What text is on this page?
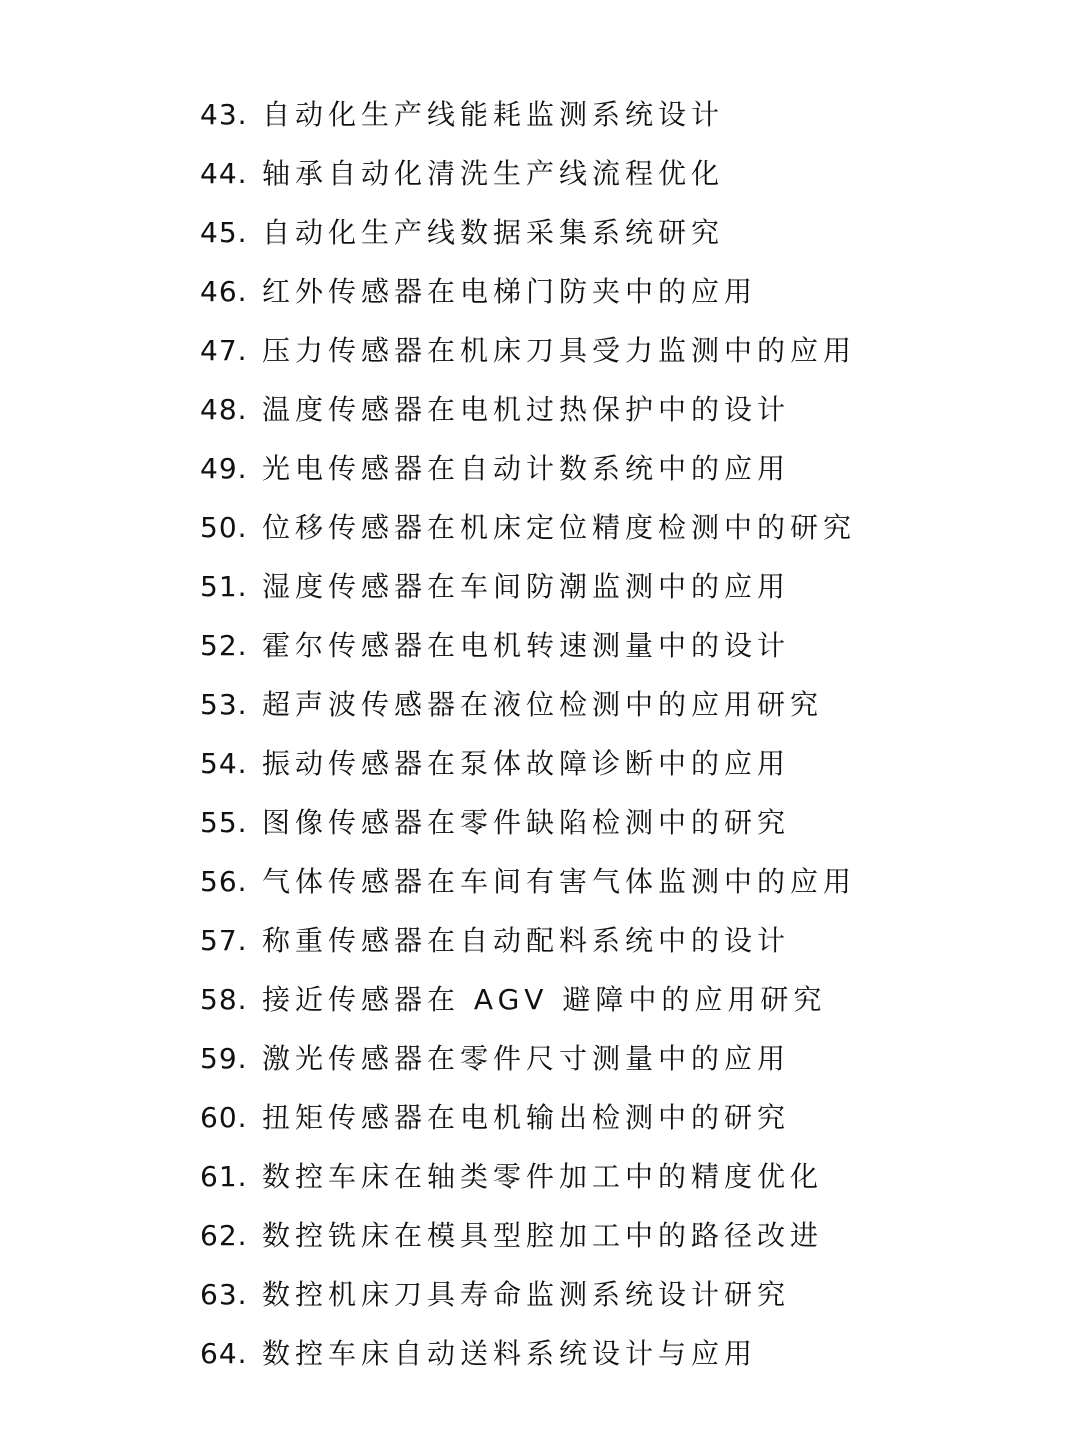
43. 自动化生产线能耗监测系统设计
44. 轴承自动化清洗生产线流程优化
45. 自动化生产线数据采集系统研究
46. 红外传感器在电梯门防夹中的应用
47. 压力传感器在机床刀具受力监测中的应用
48. 温度传感器在电机过热保护中的设计
49. 光电传感器在自动计数系统中的应用
50. 位移传感器在机床定位精度检测中的研究
51. 湿度传感器在车间防潮监测中的应用
52. 霍尔传感器在电机转速测量中的设计
53. 超声波传感器在液位检测中的应用研究
54. 振动传感器在泵体故障诊断中的应用
55. 图像传感器在零件缺陷检测中的研究
56. 气体传感器在车间有害气体监测中的应用
57. 称重传感器在自动配料系统中的设计
58. 接近传感器在 AGV 避障中的应用研究
59. 激光传感器在零件尺寸测量中的应用
60. 扭矩传感器在电机输出检测中的研究
61. 数控车床在轴类零件加工中的精度优化
62. 数控铣床在模具型腔加工中的路径改进
63. 数控机床刀具寿命监测系统设计研究
64. 数控车床自动送料系统设计与应用
